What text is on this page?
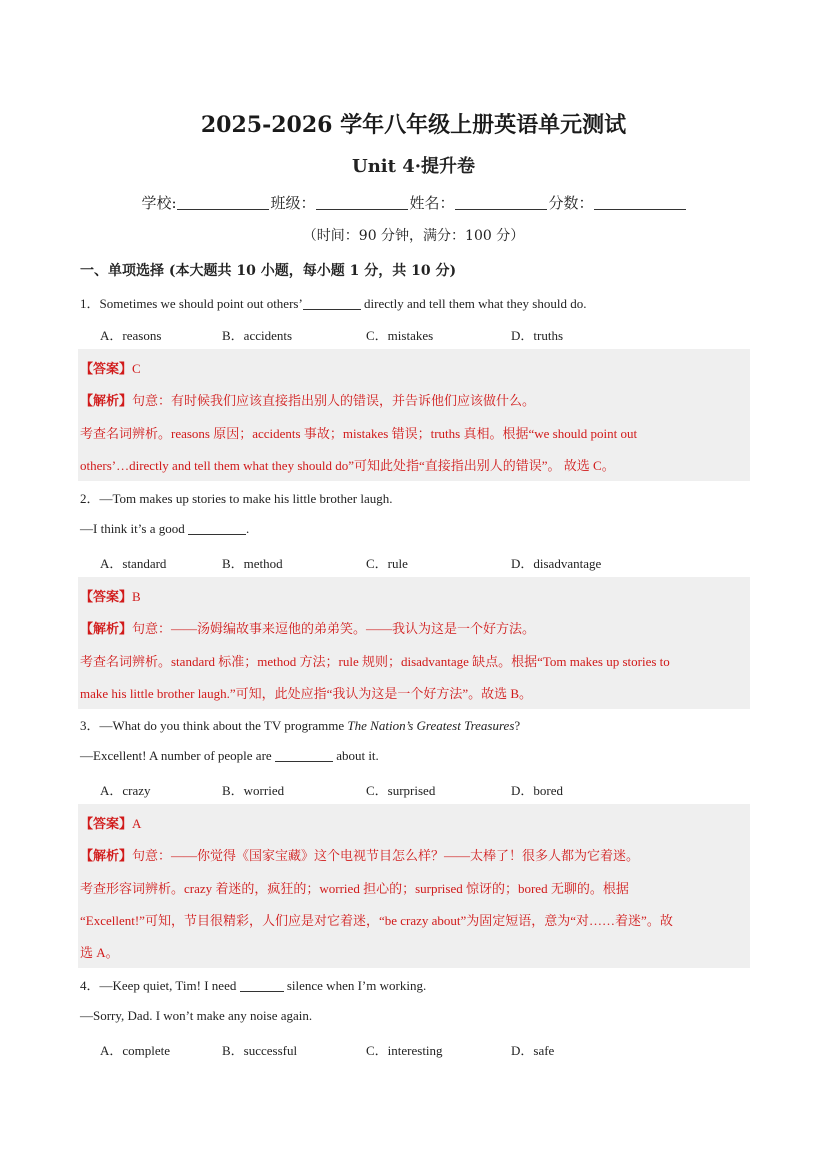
2025-2026 学年八年级上册英语单元测试
Unit 4·提升卷
学校:	班级：	姓名：	分数：
（时间：90 分钟，满分：100 分）
一、单项选择 (本大题共 10 小题，每小题 1 分，共 10 分)
1．Sometimes we should point out others’	directly and tell them what they should do.
A．reasons	B．accidents	C．mistakes	D．truths
【答案】C
【解析】句意：有时候我们应该直接指出别人的错误，并告诉他们应该做什么。
考查名词辨析。reasons 原因；accidents 事故；mistakes 错误；truths 真相。根据“we should point out
others’…directly and tell them what they should do”可知此处指“直接指出别人的错误”。 故选 C。
2．—Tom makes up stories to make his little brother laugh.
—I think it’s a good	.
A．standard	B．method	C．rule	D．disadvantage
【答案】B
【解析】句意：——汤姆编故事来逗他的弟弟笑。——我认为这是一个好方法。
考查名词辨析。standard 标准；method 方法；rule 规则；disadvantage 缺点。根据“Tom makes up stories to
make his little brother laugh.”可知，此处应指“我认为这是一个好方法”。故选 B。
3．—What do you think about the TV programme The Nation’s Greatest Treasures?
—Excellent! A number of people are	about it.
A．crazy	B．worried	C．surprised	D．bored
【答案】A
【解析】句意：——你觉得《国家宝藏》这个电视节目怎么样？——太棒了！很多人都为它着迷。
考查形容词辨析。crazy 着迷的，疯狂的；worried 担心的；surprised 惊讶的；bored 无聊的。根据
“Excellent!”可知，节目很精彩，人们应是对它着迷，“be crazy about”为固定短语，意为“对……着迷”。故
选 A。
4．—Keep quiet, Tim! I need	silence when I’m working.
—Sorry, Dad. I won’t make any noise again.
A．complete	B．successful	C．interesting	D．safe
